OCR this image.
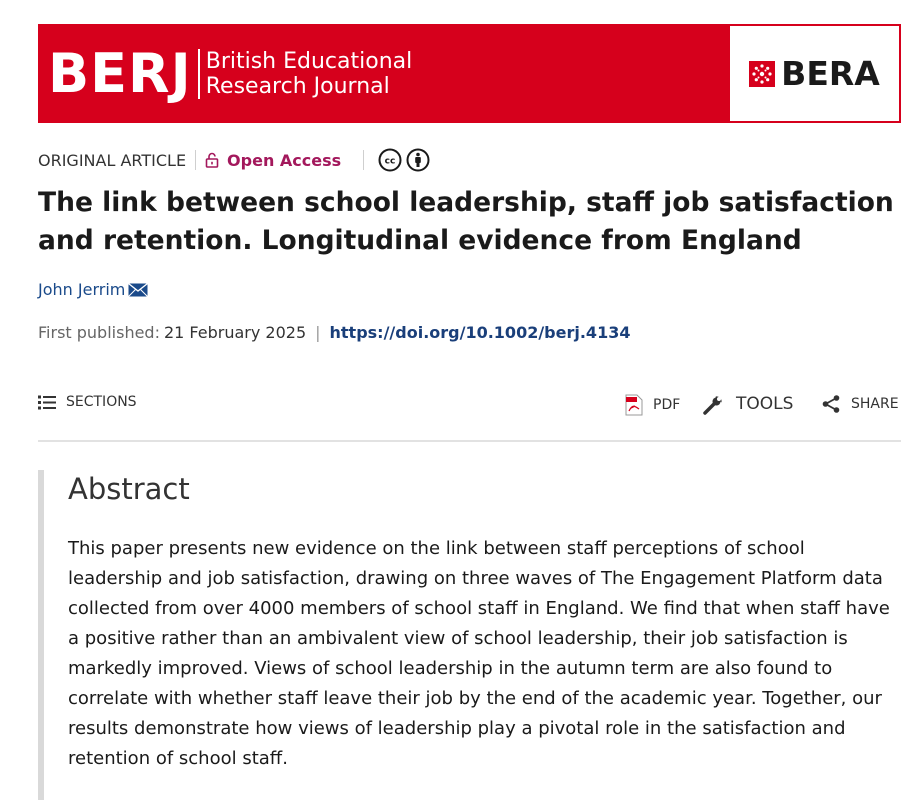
BERJ British Educational
Research Journal	BERA
ORIGINAL ARTICLE	Open Access	cc
The link between school leadership, staff job satisfaction and retention. Longitudinal evidence from England
John Jerrim
First published: 21 February 2025 | https://doi.org/10.1002/berj.4134
SECTIONS	PDF	TOOLS	SHARE
Abstract

This paper presents new evidence on the link between staff perceptions of school leadership and job satisfaction, drawing on three waves of The Engagement Platform data collected from over 4000 members of school staff in England. We find that when staff have a positive rather than an ambivalent view of school leadership, their job satisfaction is markedly improved. Views of school leadership in the autumn term are also found to correlate with whether staff leave their job by the end of the academic year. Together, our results demonstrate how views of leadership play a pivotal role in the satisfaction and retention of school staff.
